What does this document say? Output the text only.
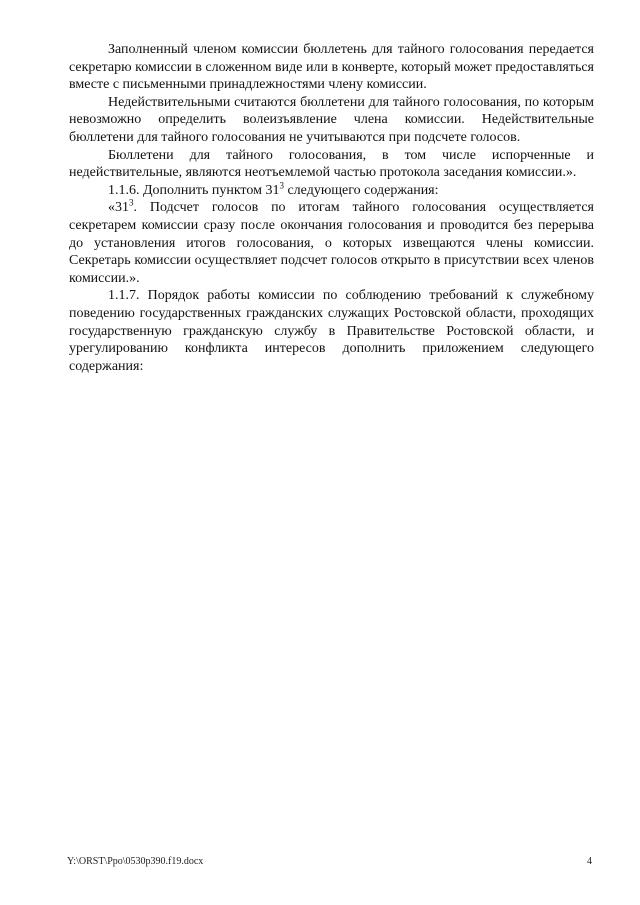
Заполненный членом комиссии бюллетень для тайного голосования передается секретарю комиссии в сложенном виде или в конверте, который может предоставляться вместе с письменными принадлежностями члену комиссии.

Недействительными считаются бюллетени для тайного голосования, по которым невозможно определить волеизъявление члена комиссии. Недействительные бюллетени для тайного голосования не учитываются при подсчете голосов.

Бюллетени для тайного голосования, в том числе испорченные и недействительные, являются неотъемлемой частью протокола заседания комиссии.».

1.1.6. Дополнить пунктом $31^3$ следующего содержания:

«$31^3$. Подсчет голосов по итогам тайного голосования осуществляется секретарем комиссии сразу после окончания голосования и проводится без перерыва до установления итогов голосования, о которых извещаются члены комиссии. Секретарь комиссии осуществляет подсчет голосов открыто в присутствии всех членов комиссии.».

1.1.7. Порядок работы комиссии по соблюдению требований к служебному поведению государственных гражданских служащих Ростовской области, проходящих государственную гражданскую службу в Правительстве Ростовской области, и урегулированию конфликта интересов дополнить приложением следующего содержания:

Y:\ORST\Ppo\0530p390.f19.docx	4
